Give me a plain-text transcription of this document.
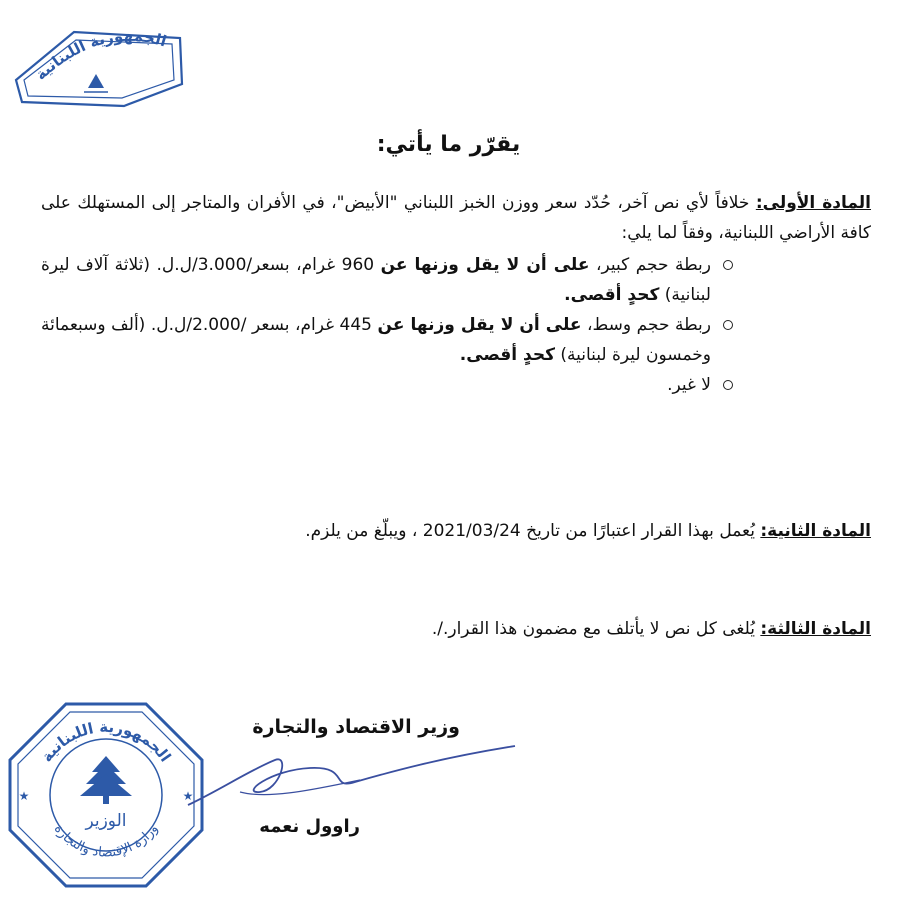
الجمهورية اللبنانية
يقرّر ما يأتي:

المادة الأولى: خلافاً لأي نص آخر، حُدّد سعر ووزن الخبز اللبناني "الأبيض"، في الأفران والمتاجر إلى المستهلك على كافة الأراضي اللبنانية، وفقاً لما يلي:

ربطة حجم كبير، على أن لا يقل وزنها عن 960 غرام، بسعر/3.000/ل.ل. (ثلاثة آلاف ليرة لبنانية) كحدٍ أقصى.
ربطة حجم وسط، على أن لا يقل وزنها عن 445 غرام، بسعر /2.000/ل.ل. (ألف وسبعمائة وخمسون ليرة لبنانية) كحدٍ أقصى.
لا غير.
المادة الثانية: يُعمل بهذا القرار اعتبارًا من تاريخ 2021/03/24 ، ويبلّغ من يلزم.
المادة الثالثة: يُلغى كل نص لا يأتلف مع مضمون هذا القرار./.
الجمهورية اللبنانية
وزارة الإقتصاد والتجارة
★	★
الوزير
وزير الاقتصاد والتجارة
راوول نعمه
